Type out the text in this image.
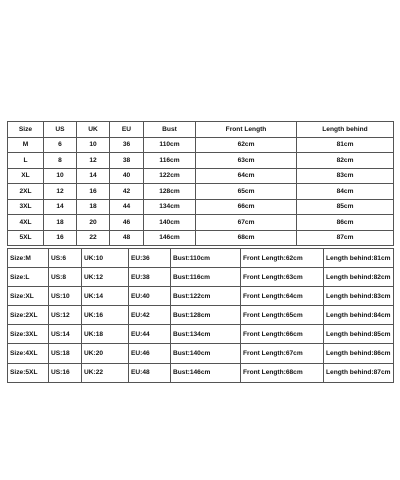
Size	US	UK	EU	Bust	Front Length	Length behind
M	6	10	36	110cm	62cm	81cm
L	8	12	38	116cm	63cm	82cm
XL	10	14	40	122cm	64cm	83cm
2XL	12	16	42	128cm	65cm	84cm
3XL	14	18	44	134cm	66cm	85cm
4XL	18	20	46	140cm	67cm	86cm
5XL	16	22	48	146cm	68cm	87cm
Size:M	US:6	UK:10	EU:36	Bust:110cm	Front Length:62cm	Length behind:81cm
Size:L	US:8	UK:12	EU:38	Bust:116cm	Front Length:63cm	Length behind:82cm
Size:XL	US:10	UK:14	EU:40	Bust:122cm	Front Length:64cm	Length behind:83cm
Size:2XL	US:12	UK:16	EU:42	Bust:128cm	Front Length:65cm	Length behind:84cm
Size:3XL	US:14	UK:18	EU:44	Bust:134cm	Front Length:66cm	Length behind:85cm
Size:4XL	US:18	UK:20	EU:46	Bust:140cm	Front Length:67cm	Length behind:86cm
Size:5XL	US:16	UK:22	EU:48	Bust:146cm	Front Length:68cm	Length behind:87cm
